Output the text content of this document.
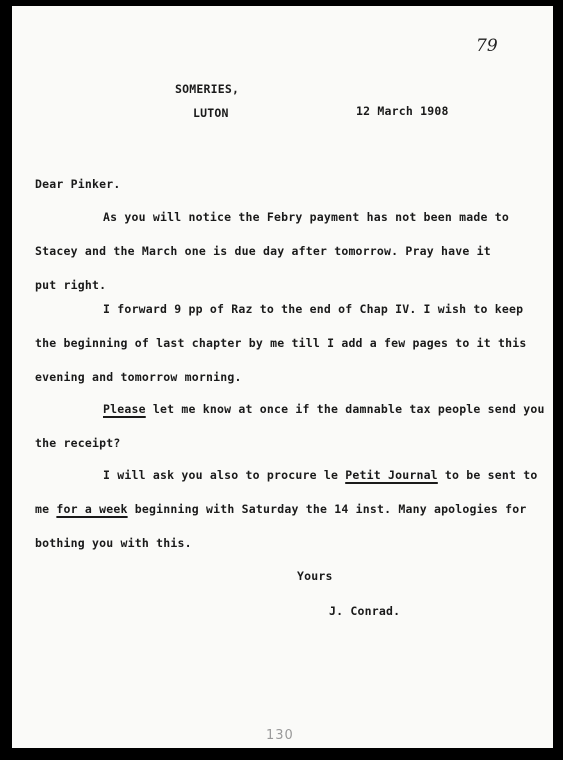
79
SOMERIES,
LUTON	12 March 1908
Dear Pinker.
As you will notice the Febry payment has not been made to
Stacey and the March one is due day after tomorrow. Pray have it
put right.
I forward 9 pp of Raz to the end of Chap IV. I wish to keep
the beginning of last chapter by me till I add a few pages to it this
evening and tomorrow morning.
Please let me know at once if the damnable tax people send you
the receipt?
I will ask you also to procure le Petit Journal to be sent to
me for a week beginning with Saturday the 14 inst. Many apologies for
bothing you with this.
Yours
J. Conrad.
130
